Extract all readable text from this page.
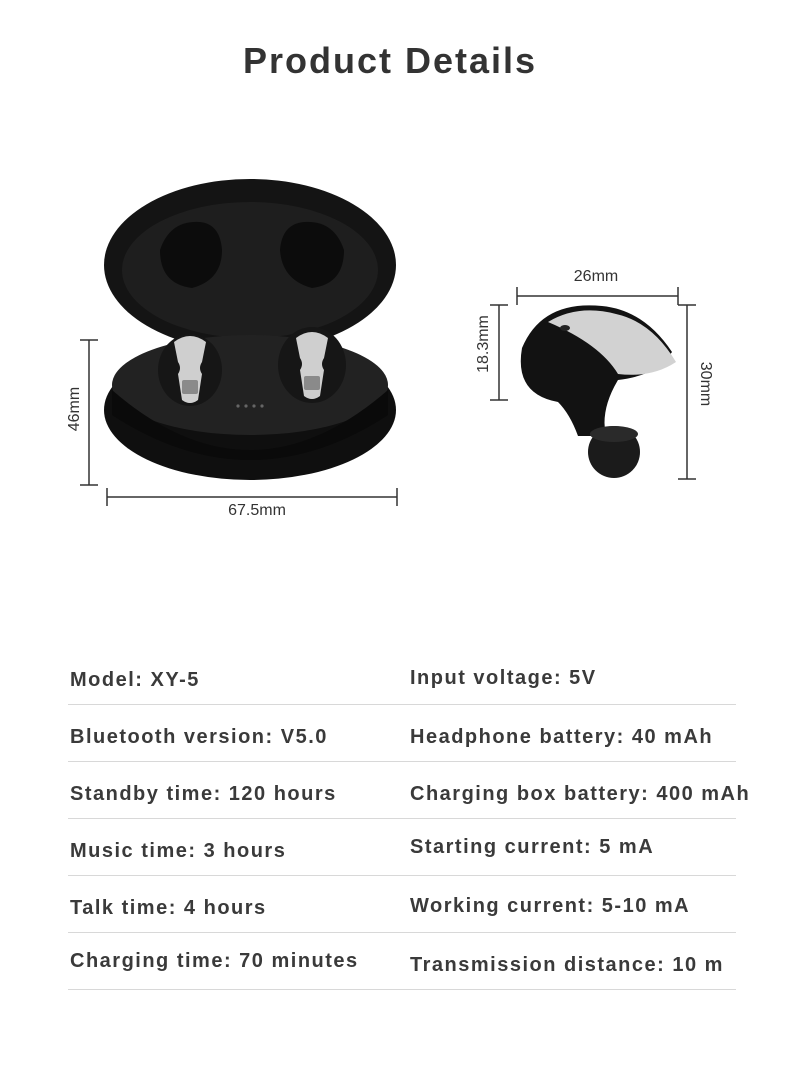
Product Details
46mm
67.5mm
26mm
18.3mm
30mm
Model: XY-5	Input voltage: 5V
Bluetooth version: V5.0	Headphone battery: 40 mAh
Standby time: 120 hours	Charging box battery: 400 mAh
Music time: 3 hours	Starting current: 5 mA
Talk time: 4 hours	Working current: 5-10 mA
Charging time: 70 minutes	Transmission distance: 10 m
